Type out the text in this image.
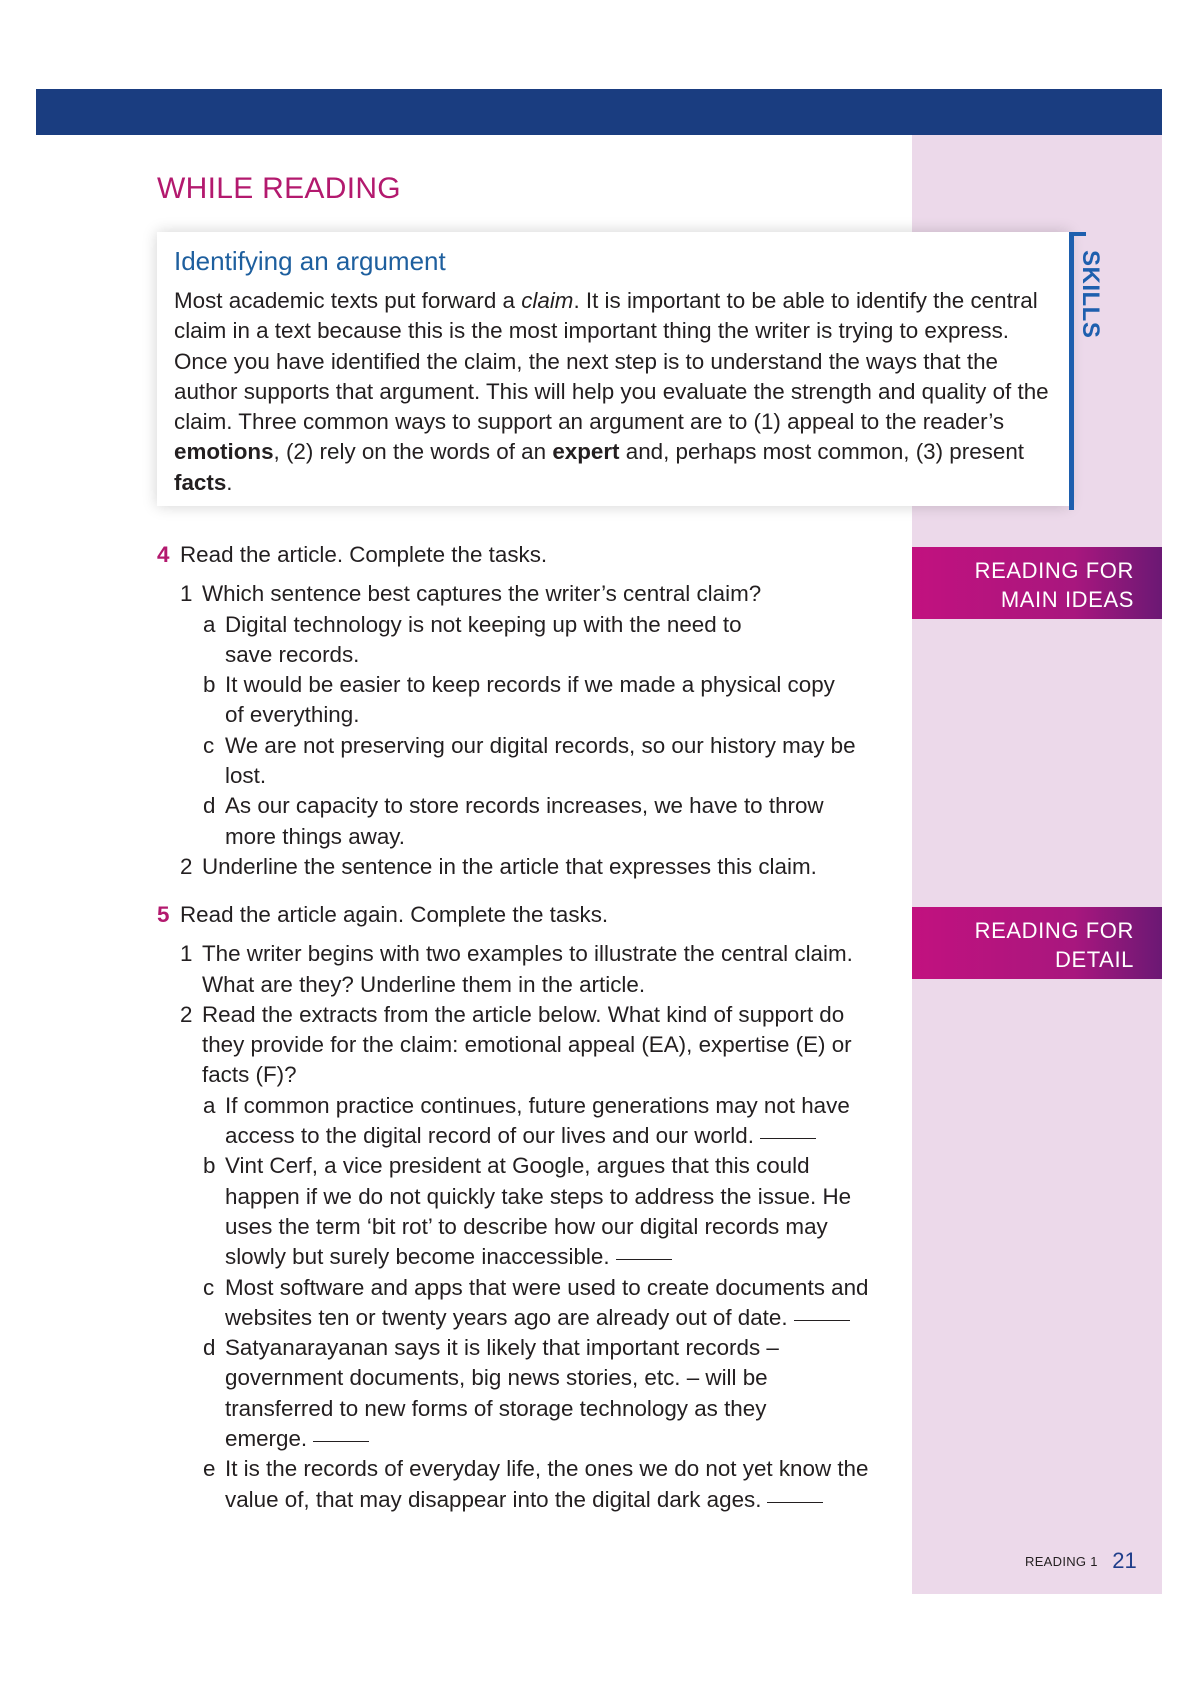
WHILE READING
Identifying an argument

Most academic texts put forward a claim. It is important to be able to identify the central claim in a text because this is the most important thing the writer is trying to express. Once you have identified the claim, the next step is to understand the ways that the author supports that argument. This will help you evaluate the strength and quality of the claim. Three common ways to support an argument are to (1) appeal to the reader’s emotions, (2) rely on the words of an expert and, perhaps most common, (3) present facts.

SKILLS
4 Read the article. Complete the tasks.
1 Which sentence best captures the writer’s central claim?
a Digital technology is not keeping up with the need to save records.
b It would be easier to keep records if we made a physical copy of everything.
c We are not preserving our digital records, so our history may be lost.
d As our capacity to store records increases, we have to throw more things away.
2 Underline the sentence in the article that expresses this claim.
5 Read the article again. Complete the tasks.
1 The writer begins with two examples to illustrate the central claim. What are they? Underline them in the article.
2 Read the extracts from the article below. What kind of support do they provide for the claim: emotional appeal (EA), expertise (E) or facts (F)?
a If common practice continues, future generations may not have access to the digital record of our lives and our world.
b Vint Cerf, a vice president at Google, argues that this could happen if we do not quickly take steps to address the issue. He uses the term ‘bit rot’ to describe how our digital records may slowly but surely become inaccessible.
c Most software and apps that were used to create documents and websites ten or twenty years ago are already out of date.
d Satyanarayanan says it is likely that important records – government documents, big news stories, etc. – will be transferred to new forms of storage technology as they emerge.
e It is the records of everyday life, the ones we do not yet know the value of, that may disappear into the digital dark ages.
READING FOR
MAIN IDEAS
READING FOR
DETAIL
READING 1 21
